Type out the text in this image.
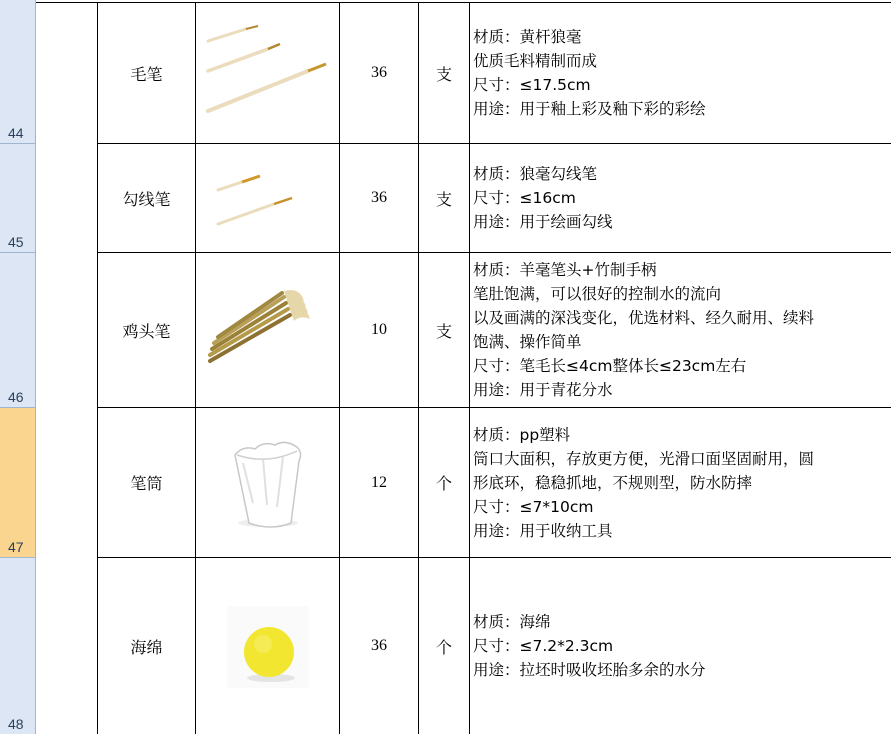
44
45
46
47
48
毛笔	36	支
材质：黄杆狼毫
优质毛料精制而成
尺寸：≤17.5cm
用途：用于釉上彩及釉下彩的彩绘
勾线笔	36	支
材质：狼毫勾线笔
尺寸：≤16cm
用途：用于绘画勾线
鸡头笔	10	支
材质：羊毫笔头+竹制手柄
笔肚饱满，可以很好的控制水的流向
以及画满的深浅变化，优选材料、经久耐用、续料
饱满、操作简单
尺寸：笔毛长≤4cm整体长≤23cm左右
用途：用于青花分水
笔筒	12	个
材质：pp塑料
筒口大面积，存放更方便，光滑口面坚固耐用，圆
形底环，稳稳抓地，不规则型，防水防摔
尺寸：≤7*10cm
用途：用于收纳工具
海绵	36	个
材质：海绵
尺寸：≤7.2*2.3cm
用途：拉坯时吸收坯胎多余的水分
